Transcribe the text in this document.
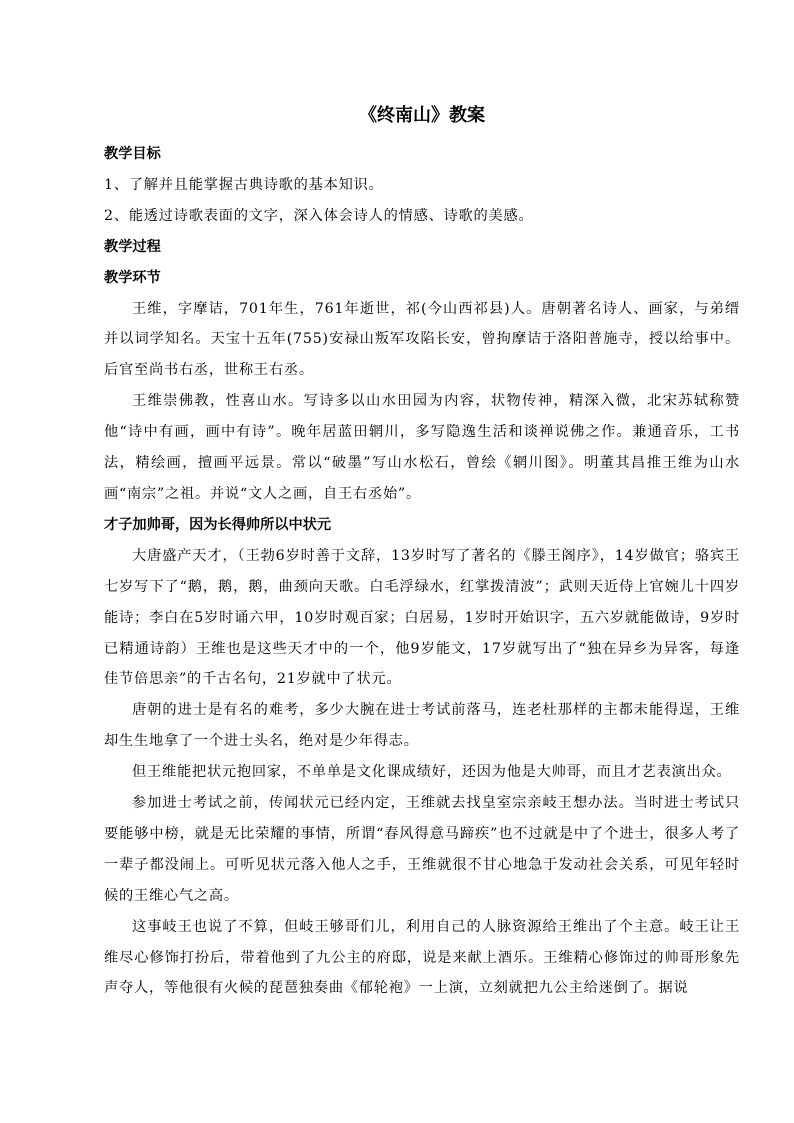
《终南山》教案

教学目标

1、了解并且能掌握古典诗歌的基本知识。

2、能透过诗歌表面的文字，深入体会诗人的情感、诗歌的美感。

教学过程

教学环节

王维，字摩诘，701年生，761年逝世，祁(今山西祁县)人。唐朝著名诗人、画家，与弟缙并以词学知名。天宝十五年(755)安禄山叛军攻陷长安，曾拘摩诘于洛阳普施寺，授以给事中。后官至尚书右丞，世称王右丞。

王维崇佛教，性喜山水。写诗多以山水田园为内容，状物传神，精深入微，北宋苏轼称赞他“诗中有画，画中有诗”。晚年居蓝田辋川，多写隐逸生活和谈禅说佛之作。兼通音乐，工书法，精绘画，擅画平远景。常以“破墨”写山水松石，曾绘《辋川图》。明董其昌推王维为山水画“南宗”之祖。并说“文人之画，自王右丞始”。

才子加帅哥，因为长得帅所以中状元

大唐盛产天才，（王勃6岁时善于文辞，13岁时写了著名的《滕王阁序》，14岁做官；骆宾王七岁写下了“鹅，鹅，鹅，曲颈向天歌。白毛浮绿水，红掌拨清波”；武则天近侍上官婉儿十四岁能诗；李白在5岁时诵六甲，10岁时观百家；白居易，1岁时开始识字，五六岁就能做诗，9岁时已精通诗韵）王维也是这些天才中的一个，他9岁能文，17岁就写出了“独在异乡为异客，每逢佳节倍思亲”的千古名句，21岁就中了状元。

唐朝的进士是有名的难考，多少大腕在进士考试前落马，连老杜那样的主都未能得逞，王维却生生地拿了一个进士头名，绝对是少年得志。

但王维能把状元抱回家，不单单是文化课成绩好，还因为他是大帅哥，而且才艺表演出众。

参加进士考试之前，传闻状元已经内定，王维就去找皇室宗亲岐王想办法。当时进士考试只要能够中榜，就是无比荣耀的事情，所谓“春风得意马蹄疾”也不过就是中了个进士，很多人考了一辈子都没闹上。可听见状元落入他人之手，王维就很不甘心地急于发动社会关系，可见年轻时候的王维心气之高。

这事岐王也说了不算，但岐王够哥们儿，利用自己的人脉资源给王维出了个主意。岐王让王维尽心修饰打扮后，带着他到了九公主的府邸，说是来献上酒乐。王维精心修饰过的帅哥形象先声夺人，等他很有火候的琵琶独奏曲《郁轮袍》一上演，立刻就把九公主给迷倒了。据说
